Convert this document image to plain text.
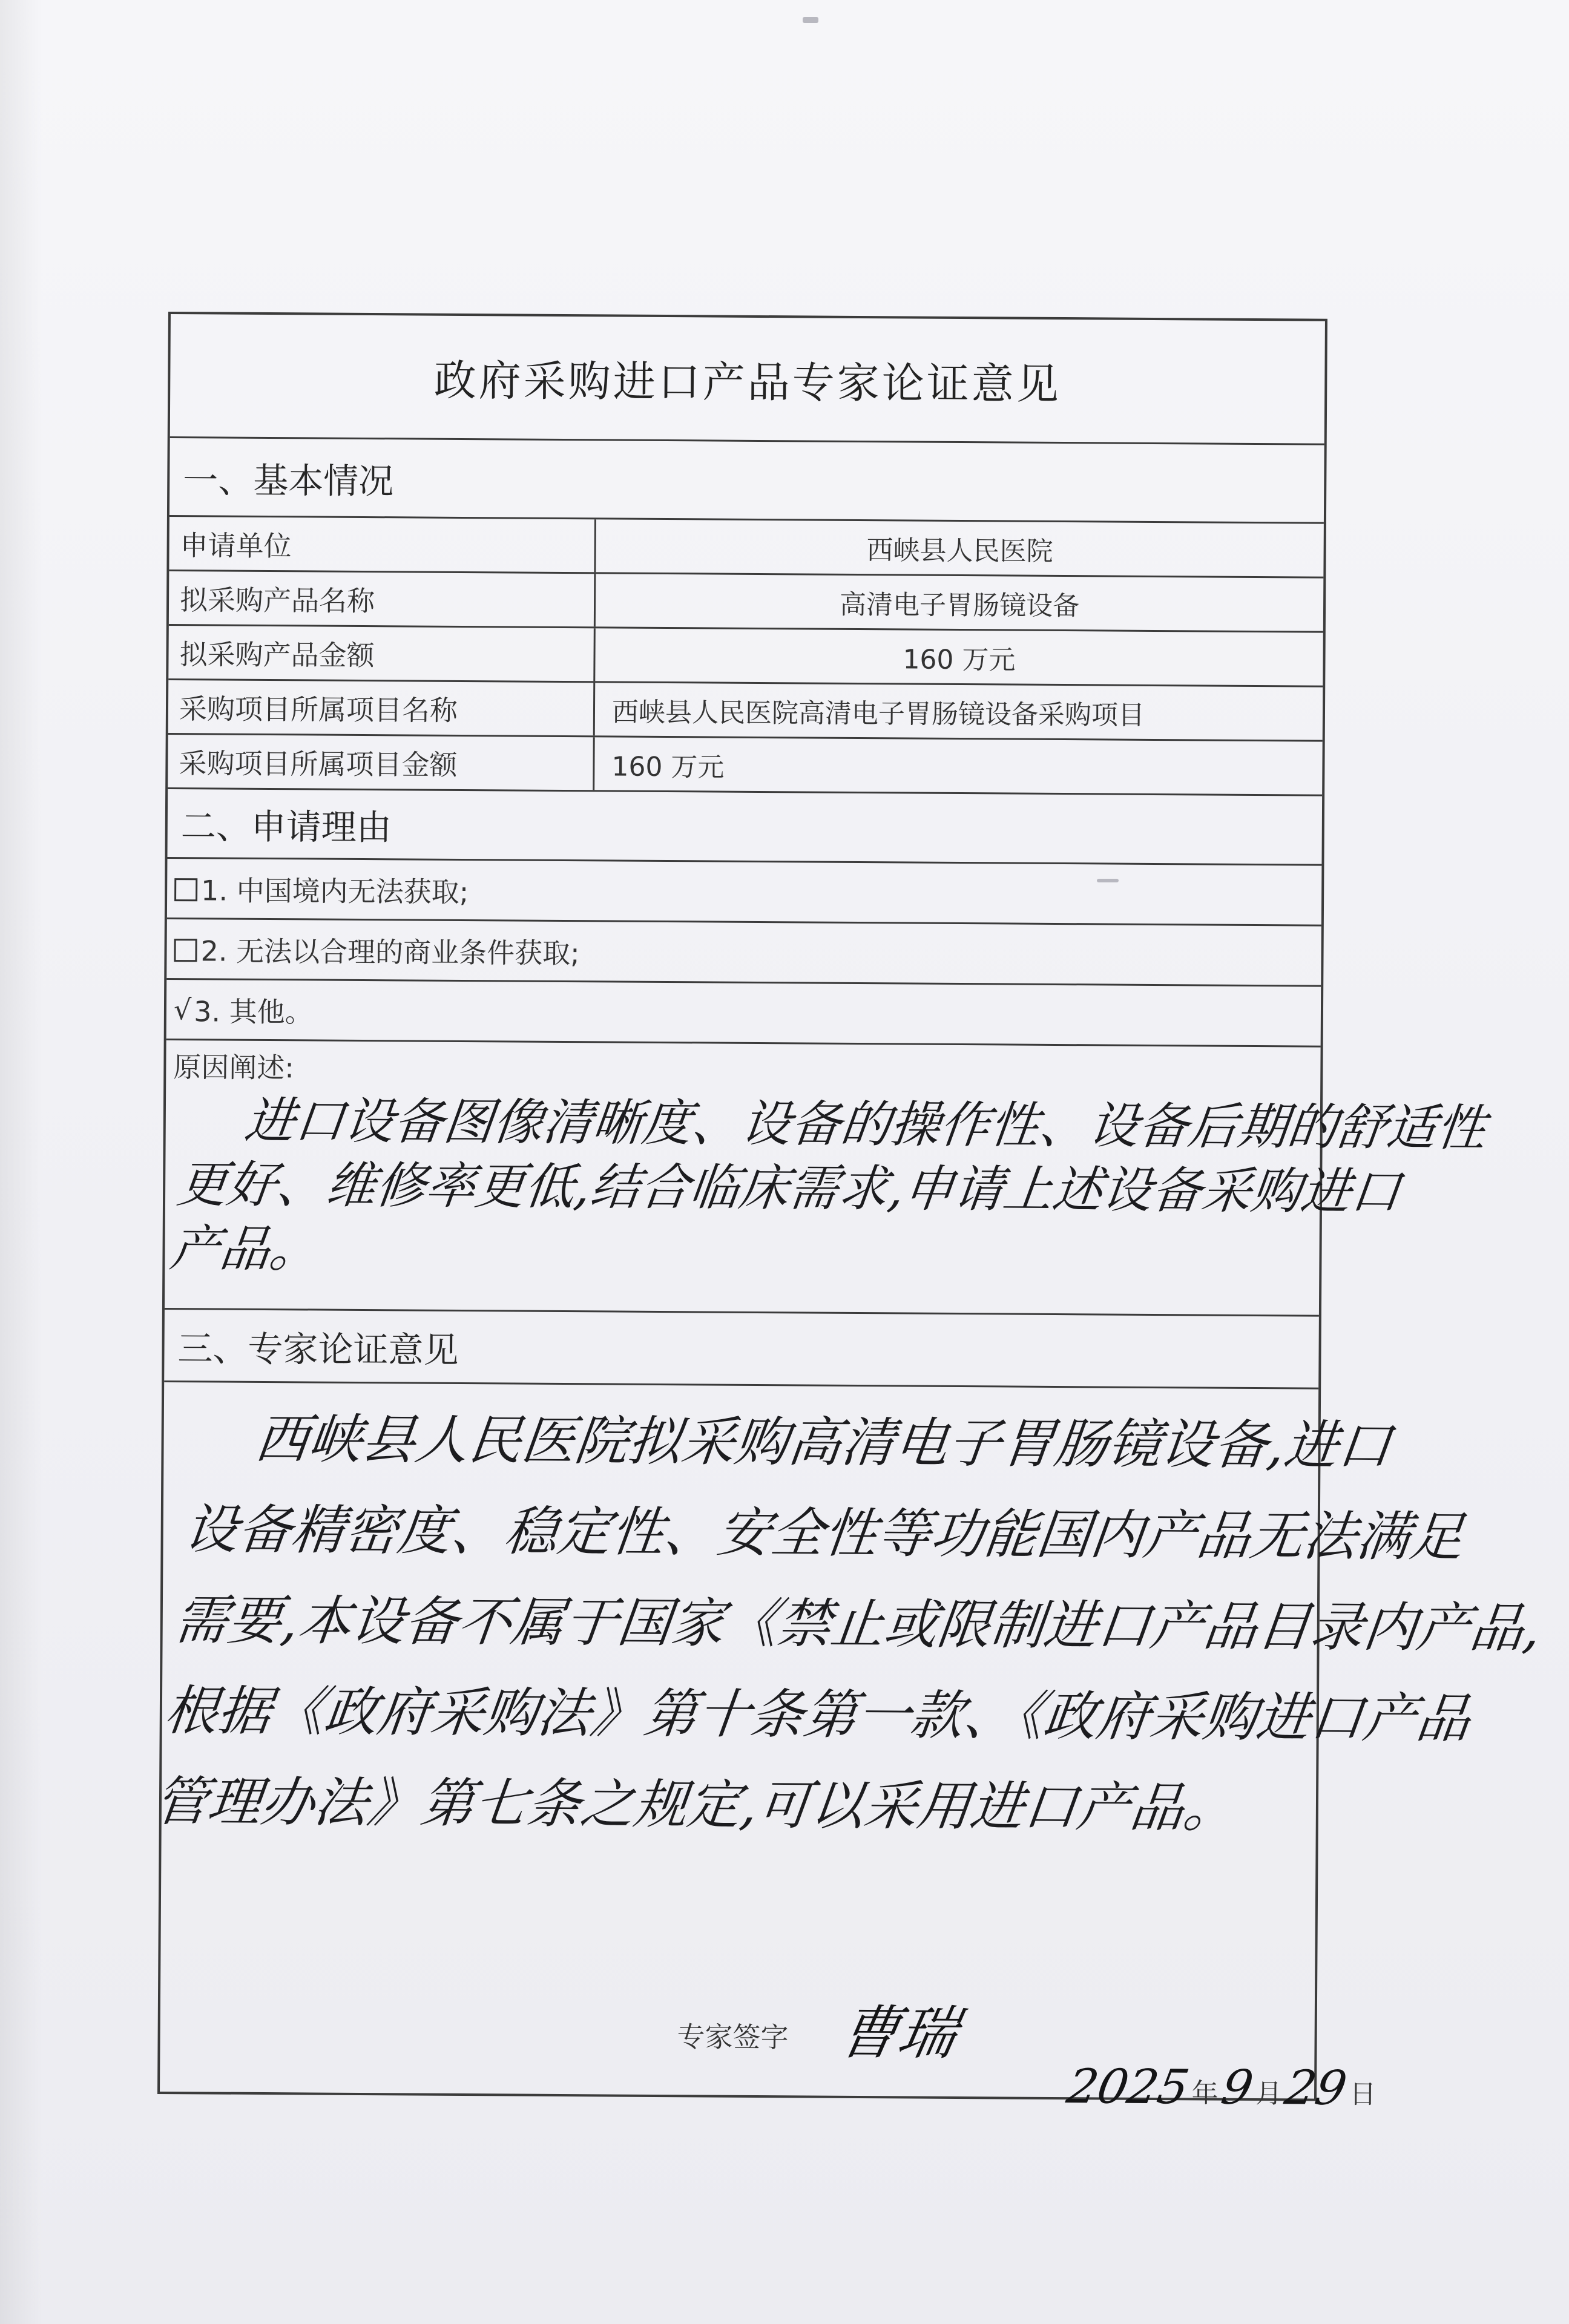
政府采购进口产品专家论证意见
一、基本情况
申请单位	西峡县人民医院
拟采购产品名称	高清电子胃肠镜设备
拟采购产品金额	160 万元
采购项目所属项目名称	西峡县人民医院高清电子胃肠镜设备采购项目
采购项目所属项目金额	160 万元
二、申请理由
1. 中国境内无法获取;
2. 无法以合理的商业条件获取;
√ 3. 其他。
原因阐述:
进口设备图像清晰度、设备的操作性、设备后期的舒适性
更好、维修率更低,结合临床需求,申请上述设备采购进口
产品。
三、专家论证意见
西峡县人民医院拟采购高清电子胃肠镜设备,进口
设备精密度、稳定性、安全性等功能国内产品无法满足
需要,本设备不属于国家《禁止或限制进口产品目录内产品,
根据《政府采购法》第十条第一款、《政府采购进口产品
管理办法》第七条之规定,可以采用进口产品。
专家签字 曹瑞
2025
年
9
月
29
日
